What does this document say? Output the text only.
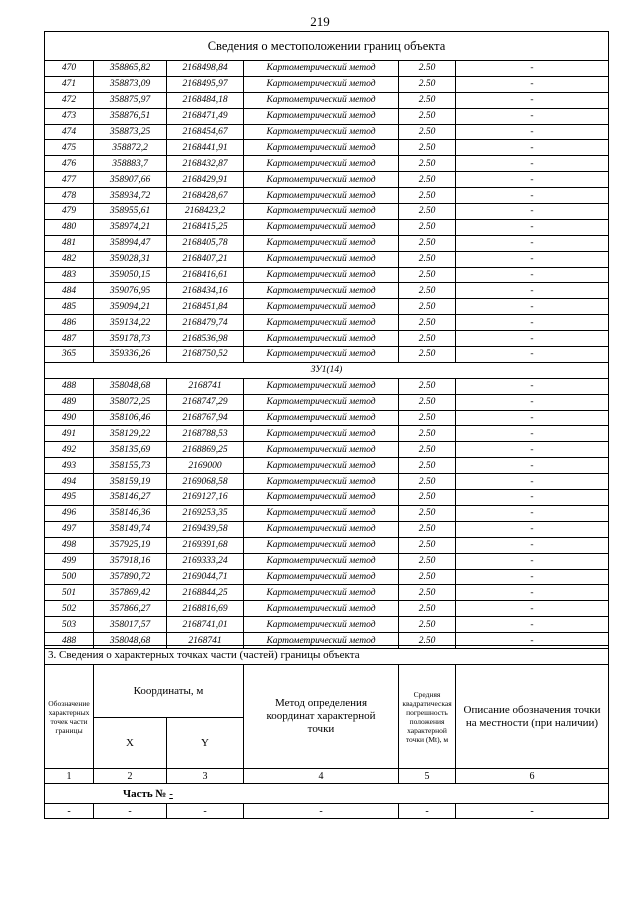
219
Сведения о местоположении границ объекта					
470	358865,82	2168498,84	Картометрический метод	2.50	-
471	358873,09	2168495,97	Картометрический метод	2.50	-
472	358875,97	2168484,18	Картометрический метод	2.50	-
473	358876,51	2168471,49	Картометрический метод	2.50	-
474	358873,25	2168454,67	Картометрический метод	2.50	-
475	358872,2	2168441,91	Картометрический метод	2.50	-
476	358883,7	2168432,87	Картометрический метод	2.50	-
477	358907,66	2168429,91	Картометрический метод	2.50	-
478	358934,72	2168428,67	Картометрический метод	2.50	-
479	358955,61	2168423,2	Картометрический метод	2.50	-
480	358974,21	2168415,25	Картометрический метод	2.50	-
481	358994,47	2168405,78	Картометрический метод	2.50	-
482	359028,31	2168407,21	Картометрический метод	2.50	-
483	359050,15	2168416,61	Картометрический метод	2.50	-
484	359076,95	2168434,16	Картометрический метод	2.50	-
485	359094,21	2168451,84	Картометрический метод	2.50	-
486	359134,22	2168479,74	Картометрический метод	2.50	-
487	359178,73	2168536,98	Картометрический метод	2.50	-
365	359336,26	2168750,52	Картометрический метод	2.50	-
ЗУ1(14)					
488	358048,68	2168741	Картометрический метод	2.50	-
489	358072,25	2168747,29	Картометрический метод	2.50	-
490	358106,46	2168767,94	Картометрический метод	2.50	-
491	358129,22	2168788,53	Картометрический метод	2.50	-
492	358135,69	2168869,25	Картометрический метод	2.50	-
493	358155,73	2169000	Картометрический метод	2.50	-
494	358159,19	2169068,58	Картометрический метод	2.50	-
495	358146,27	2169127,16	Картометрический метод	2.50	-
496	358146,36	2169253,35	Картометрический метод	2.50	-
497	358149,74	2169439,58	Картометрический метод	2.50	-
498	357925,19	2169391,68	Картометрический метод	2.50	-
499	357918,16	2169333,24	Картометрический метод	2.50	-
500	357890,72	2169044,71	Картометрический метод	2.50	-
501	357869,42	2168844,25	Картометрический метод	2.50	-
502	357866,27	2168816,69	Картометрический метод	2.50	-
503	358017,57	2168741,01	Картометрический метод	2.50	-
488	358048,68	2168741	Картометрический метод	2.50	-
3. Сведения о характерных точках части (частей) границы объекта					
Обозначение характерных точек части границы	Координаты, м		Метод определения координат характерной точки	Средняя квадратическая погрешность положения характерной точки (Мt), м	Описание обозначения точки на местности (при наличии)
	X	Y			
1	2	3	4	5	6
Часть № -					
-	-	-	-	-	-
